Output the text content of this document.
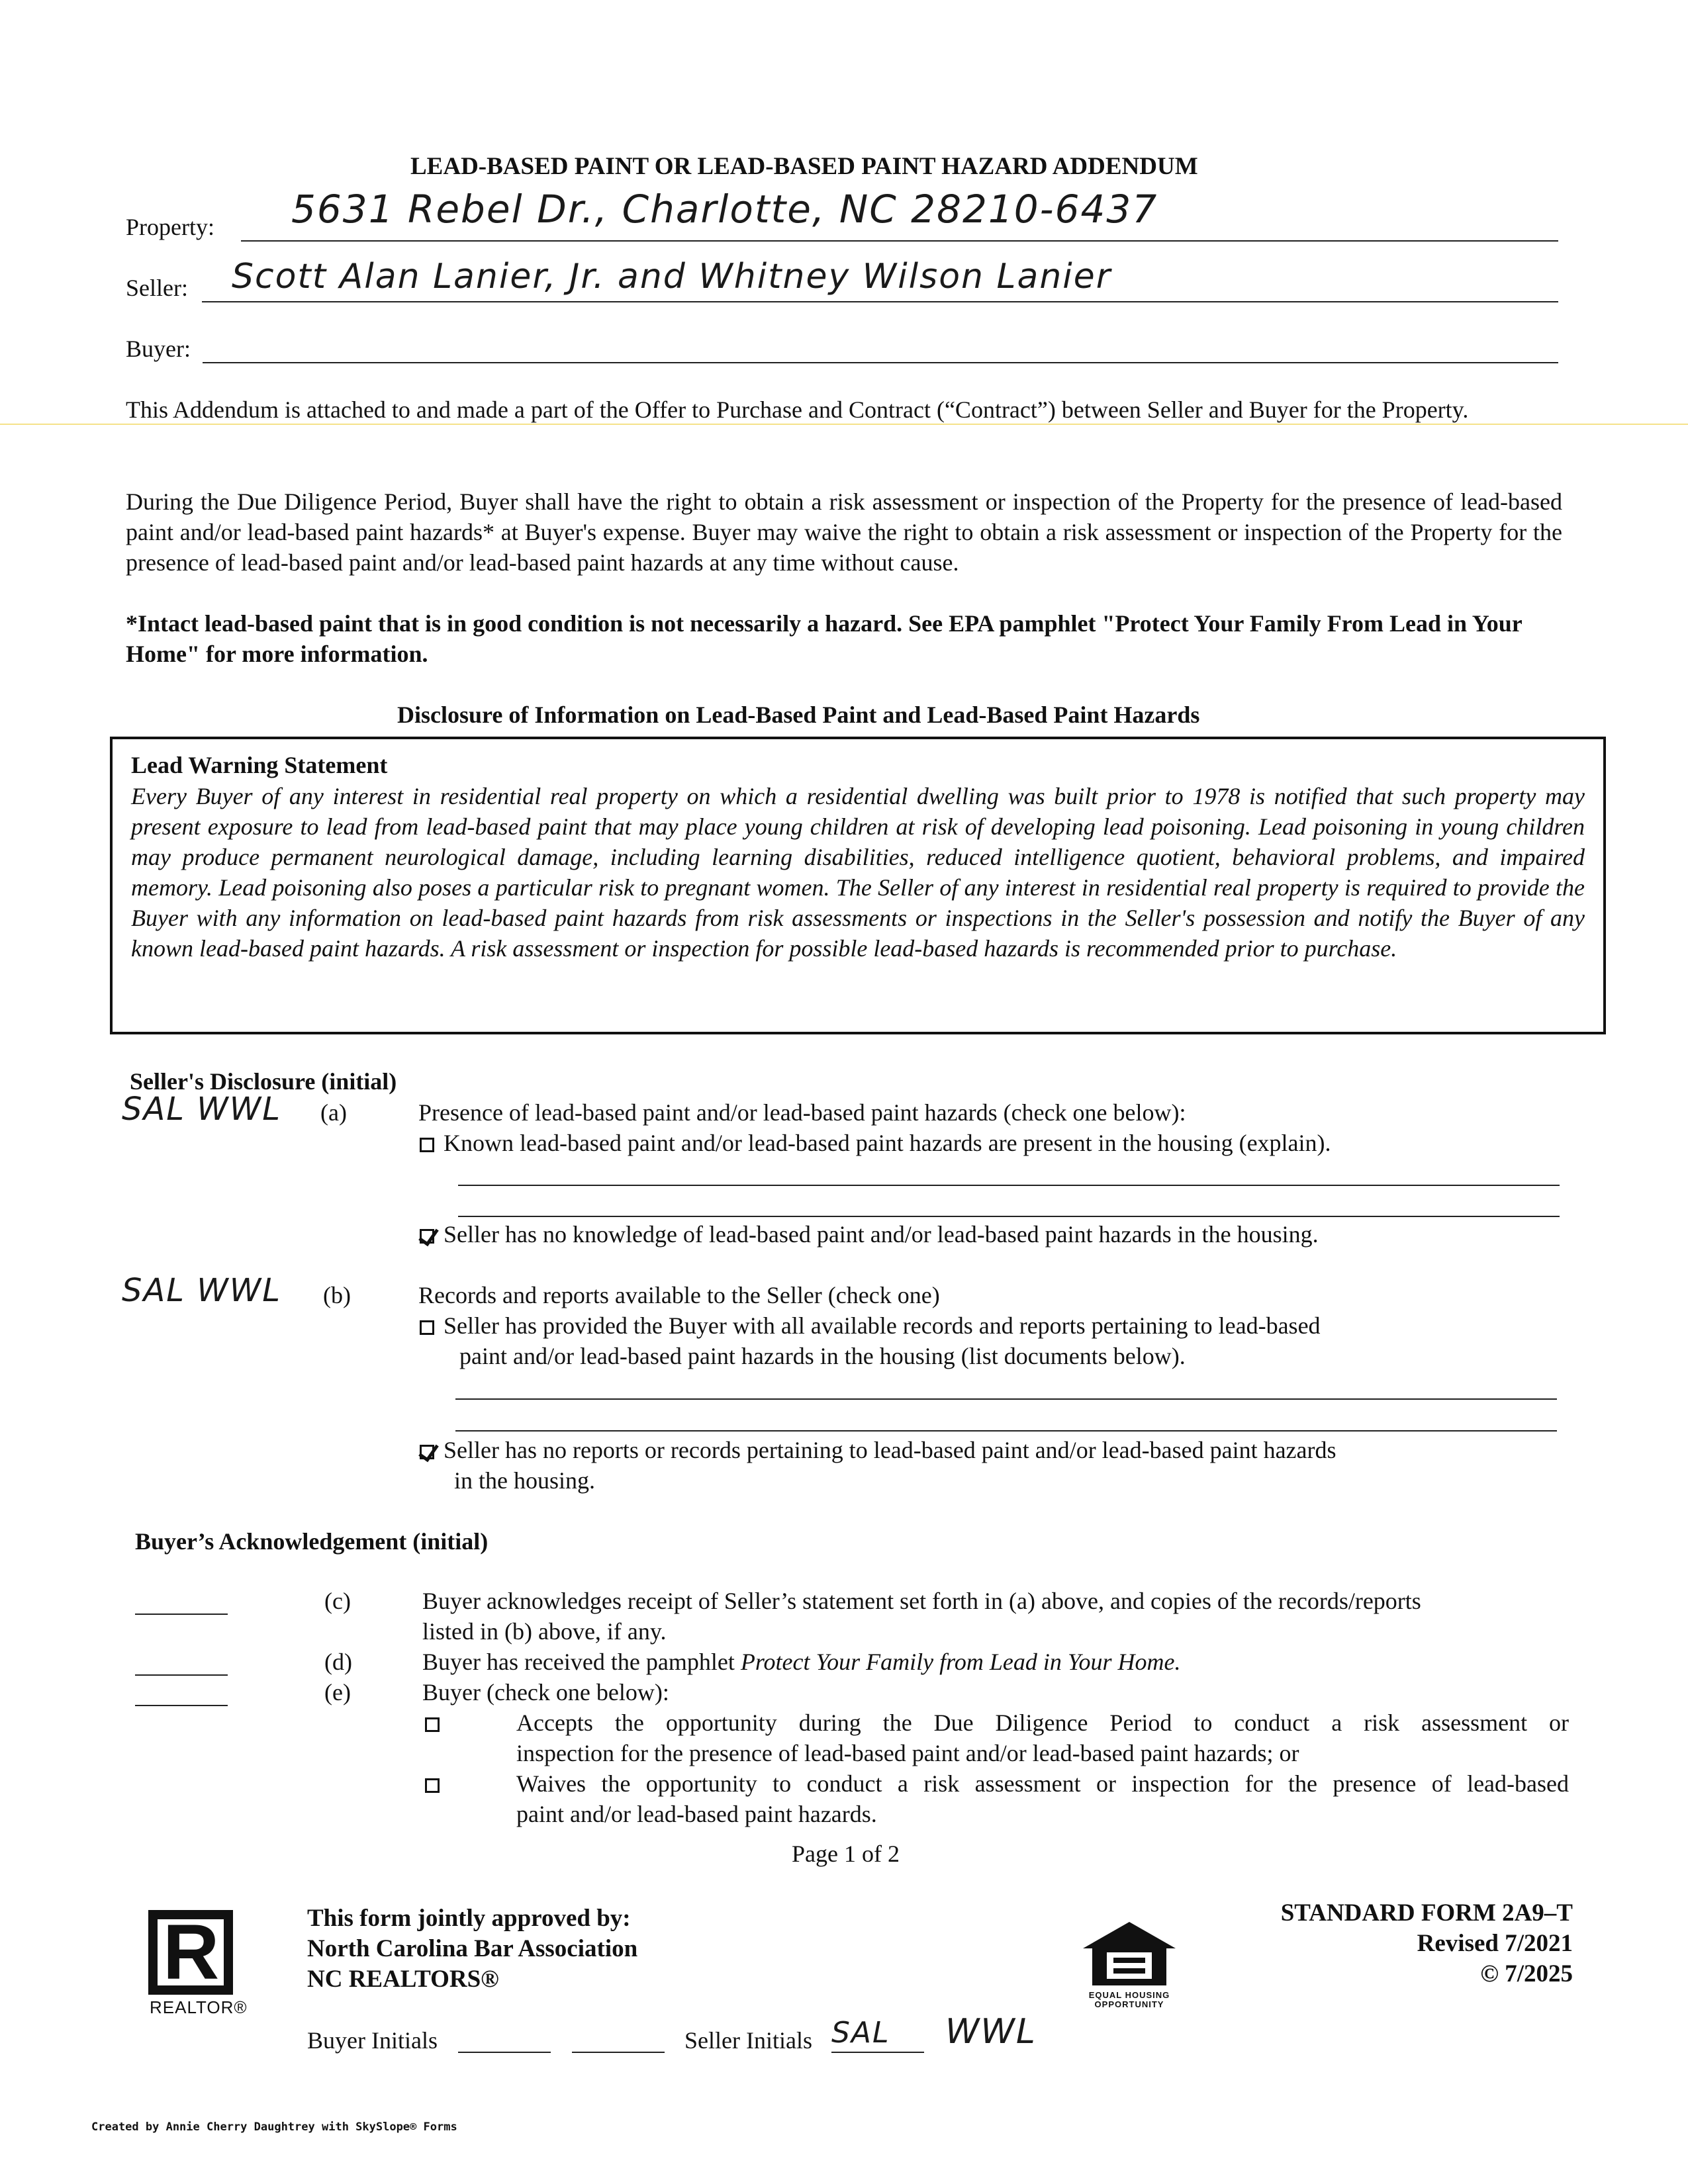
LEAD-BASED PAINT OR LEAD-BASED PAINT HAZARD ADDENDUM
Property: 5631 Rebel Dr., Charlotte, NC 28210-6437
Seller: Scott Alan Lanier, Jr. and Whitney Wilson Lanier
Buyer:
This Addendum is attached to and made a part of the Offer to Purchase and Contract (“Contract”) between Seller and Buyer for the Property.
During the Due Diligence Period, Buyer shall have the right to obtain a risk assessment or inspection of the Property for the presence of lead-based paint and/or lead-based paint hazards* at Buyer's expense. Buyer may waive the right to obtain a risk assessment or inspection of the Property for the presence of lead-based paint and/or lead-based paint hazards at any time without cause.
*Intact lead-based paint that is in good condition is not necessarily a hazard. See EPA pamphlet "Protect Your Family From Lead in Your Home" for more information.
Disclosure of Information on Lead-Based Paint and Lead-Based Paint Hazards
Lead Warning Statement
Every Buyer of any interest in residential real property on which a residential dwelling was built prior to 1978 is notified that such property may present exposure to lead from lead-based paint that may place young children at risk of developing lead poisoning. Lead poisoning in young children may produce permanent neurological damage, including learning disabilities, reduced intelligence quotient, behavioral problems, and impaired memory. Lead poisoning also poses a particular risk to pregnant women. The Seller of any interest in residential real property is required to provide the Buyer with any information on lead-based paint hazards from risk assessments or inspections in the Seller's possession and notify the Buyer of any known lead-based paint hazards. A risk assessment or inspection for possible lead-based hazards is recommended prior to purchase.
Seller's Disclosure (initial)
SAL WWL (a)	Presence of lead-based paint and/or lead-based paint hazards (check one below):
Known lead-based paint and/or lead-based paint hazards are present in the housing (explain).
Seller has no knowledge of lead-based paint and/or lead-based paint hazards in the housing.
SAL WWL (b)	Records and reports available to the Seller (check one)
Seller has provided the Buyer with all available records and reports pertaining to lead-based
paint and/or lead-based paint hazards in the housing (list documents below).
Seller has no reports or records pertaining to lead-based paint and/or lead-based paint hazards
in the housing.
Buyer’s Acknowledgement (initial)
(c)	Buyer acknowledges receipt of Seller’s statement set forth in (a) above, and copies of the records/reports
listed in (b) above, if any.
(d)	Buyer has received the pamphlet Protect Your Family from Lead in Your Home.
(e)	Buyer (check one below):
Accepts the opportunity during the Due Diligence Period to conduct a risk assessment or
inspection for the presence of lead-based paint and/or lead-based paint hazards; or
Waives the opportunity to conduct a risk assessment or inspection for the presence of lead-based
paint and/or lead-based paint hazards.
Page 1 of 2
R
REALTOR®
This form jointly approved by:
North Carolina Bar Association
NC REALTORS®
EQUAL HOUSING
OPPORTUNITY
STANDARD FORM 2A9–T
Revised 7/2021
© 7/2025
Buyer Initials	Seller Initials SAL WWL
Created by Annie Cherry Daughtrey with SkySlope® Forms
